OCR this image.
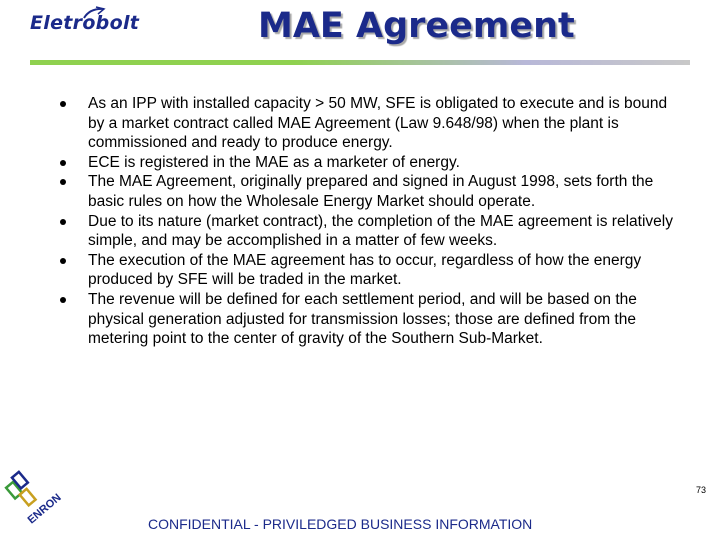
Eletrobolt	MAE Agreement
As an IPP with installed capacity > 50 MW, SFE is obligated to execute and is bound by a market contract called MAE Agreement (Law 9.648/98) when the plant is commissioned and ready to produce energy.
ECE is registered in the MAE as a marketer of energy.
The MAE Agreement, originally prepared and signed in August 1998, sets forth the basic rules on how the Wholesale Energy Market should operate.
Due to its nature (market contract), the completion of the MAE agreement is relatively simple, and may be accomplished in a matter of few weeks.
The execution of the MAE agreement has to occur, regardless of how the energy produced by SFE will be traded in the market.
The revenue will be defined for each settlement period, and will be based on the physical generation adjusted for transmission losses; those are defined from the metering point to the center of gravity of the Southern Sub-Market.
ENRON	CONFIDENTIAL - PRIVILEDGED BUSINESS INFORMATION
73
